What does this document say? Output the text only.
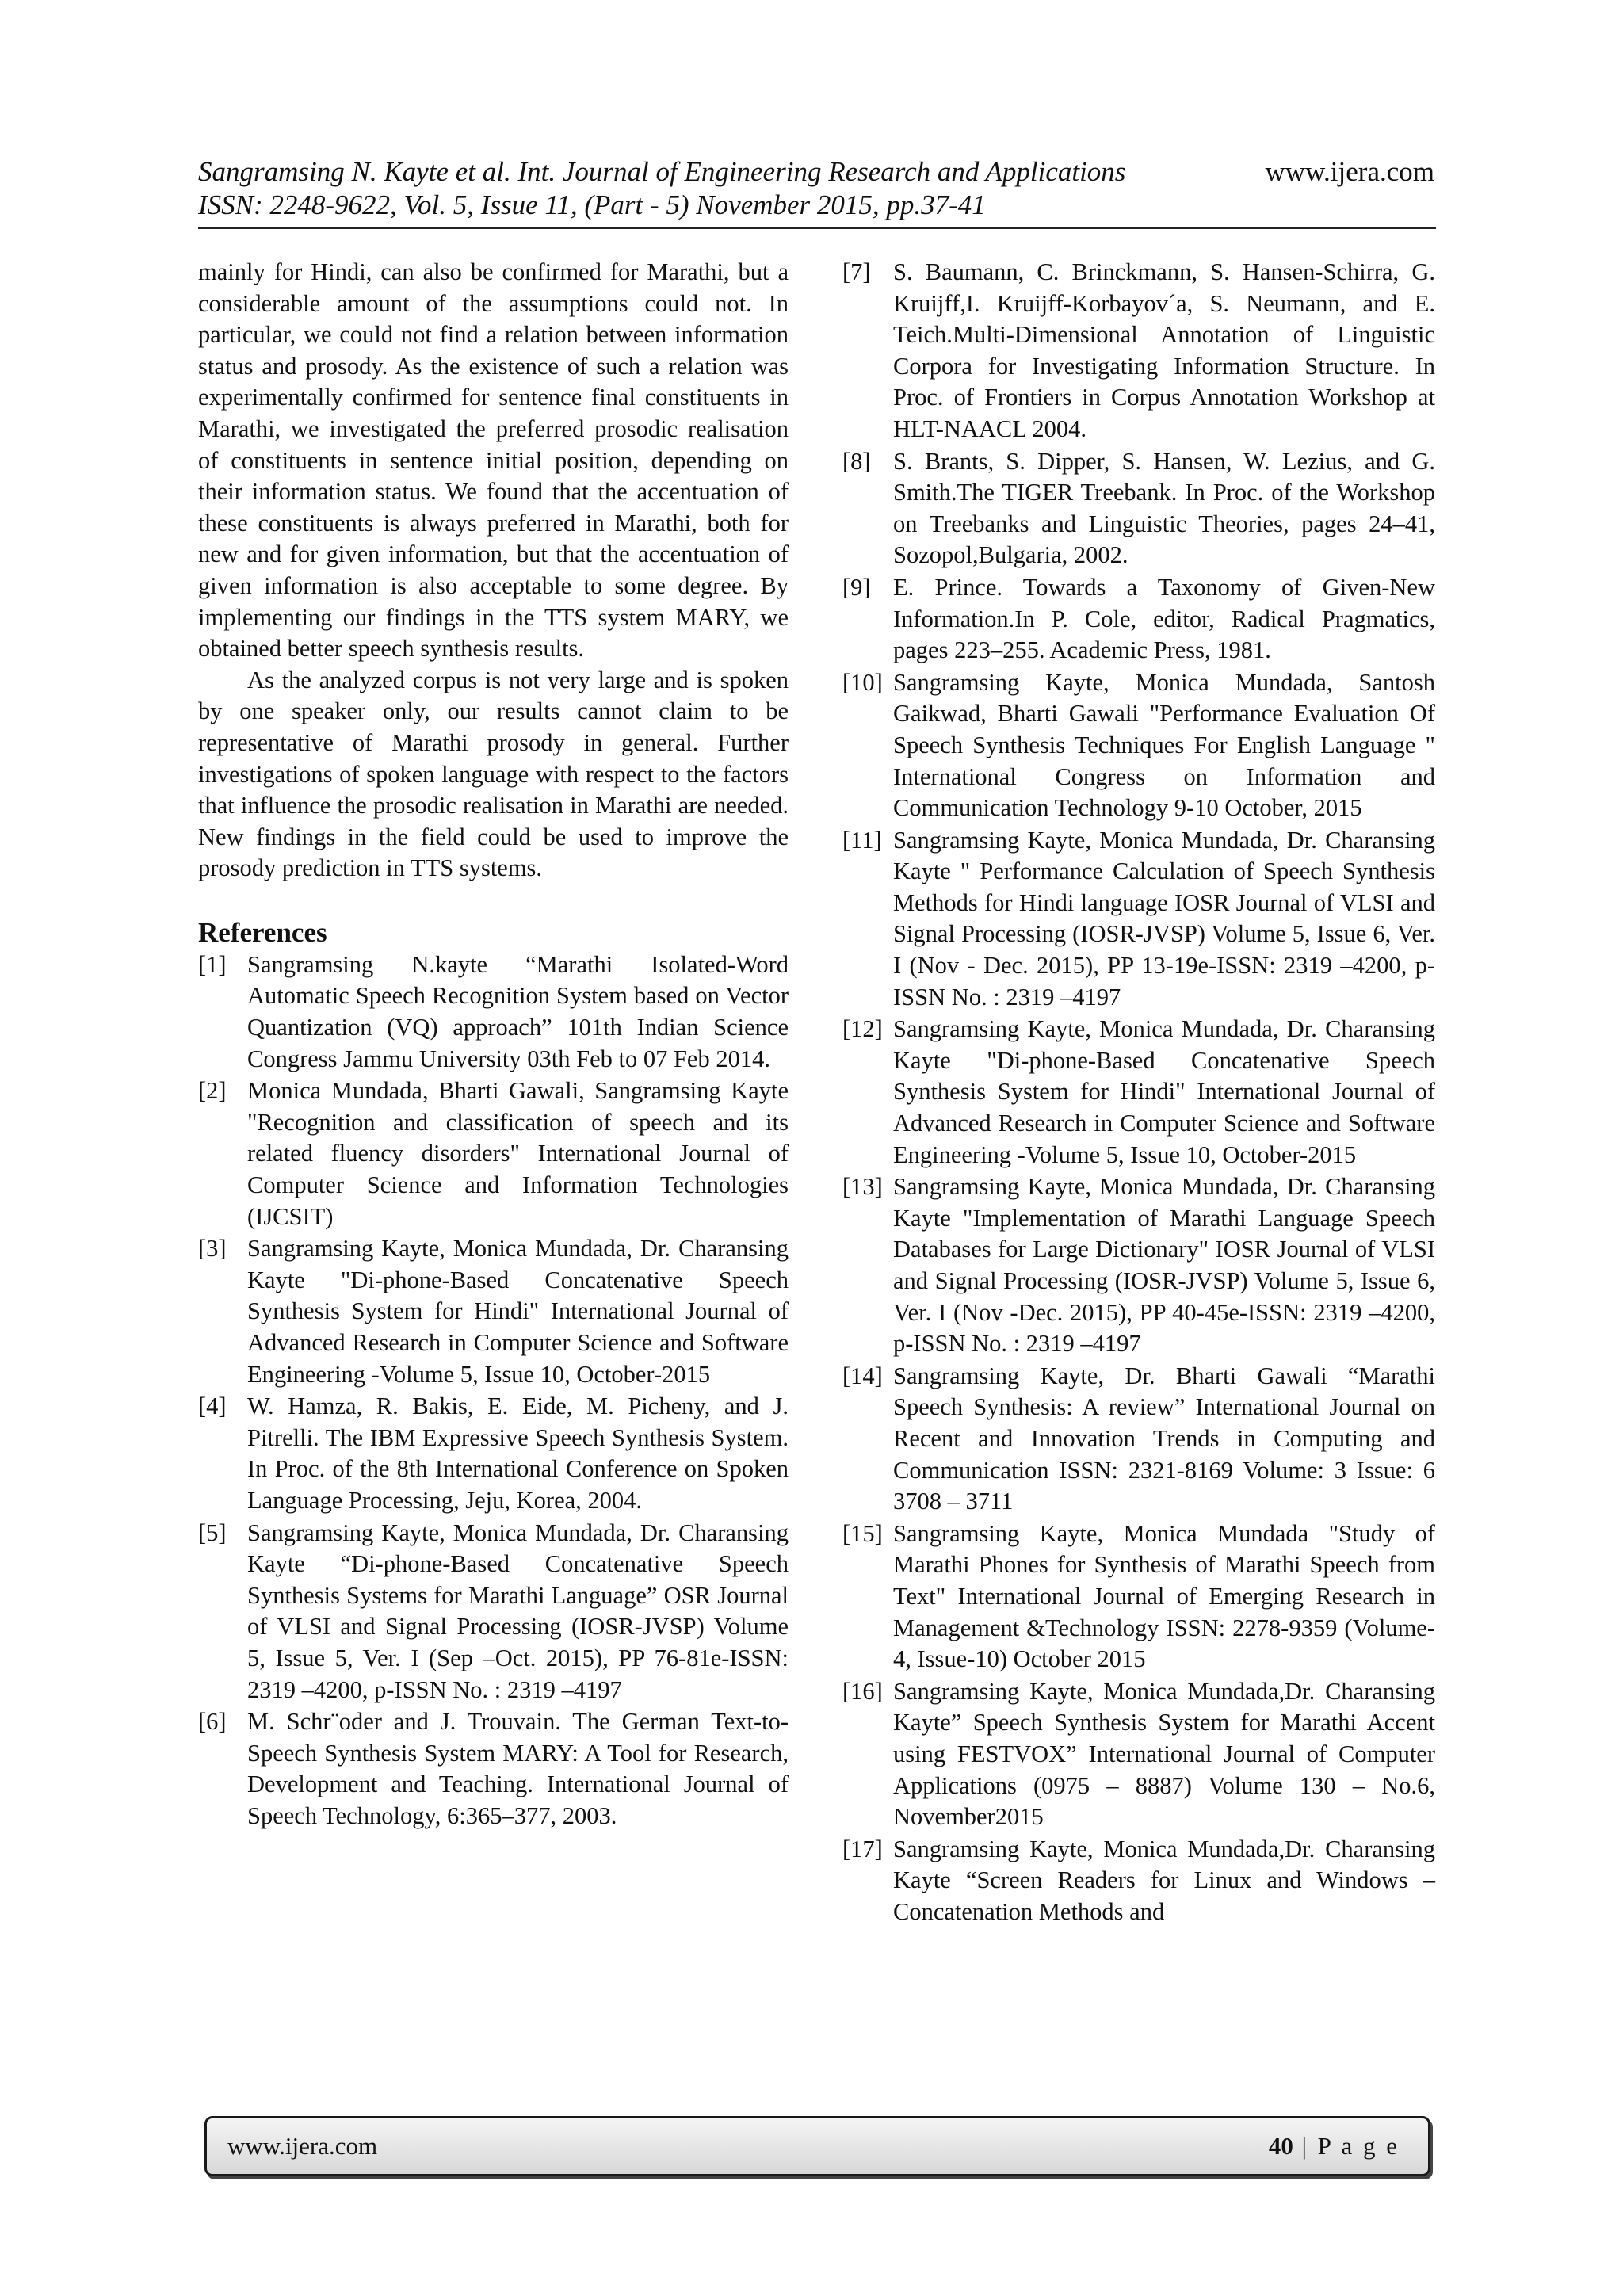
Sangramsing N. Kayte et al. Int. Journal of Engineering Research and Applications	www.ijera.com
ISSN: 2248-9622, Vol. 5, Issue 11, (Part - 5) November 2015, pp.37-41

mainly for Hindi, can also be confirmed for Marathi, but a considerable amount of the assumptions could not. In particular, we could not find a relation between information status and prosody. As the existence of such a relation was experimentally confirmed for sentence final constituents in Marathi, we investigated the preferred prosodic realisation of constituents in sentence initial position, depending on their information status. We found that the accentuation of these constituents is always preferred in Marathi, both for new and for given information, but that the accentuation of given information is also acceptable to some degree. By implementing our findings in the TTS system MARY, we obtained better speech synthesis results.

As the analyzed corpus is not very large and is spoken by one speaker only, our results cannot claim to be representative of Marathi prosody in general. Further investigations of spoken language with respect to the factors that influence the prosodic realisation in Marathi are needed. New findings in the field could be used to improve the prosody prediction in TTS systems.

References
[1] Sangramsing N.kayte “Marathi Isolated-Word Automatic Speech Recognition System based on Vector Quantization (VQ) approach” 101th Indian Science Congress Jammu University 03th Feb to 07 Feb 2014.
[2] Monica Mundada, Bharti Gawali, Sangramsing Kayte "Recognition and classification of speech and its related fluency disorders" International Journal of Computer Science and Information Technologies (IJCSIT)
[3] Sangramsing Kayte, Monica Mundada, Dr. Charansing Kayte "Di-phone-Based Concatenative Speech Synthesis System for Hindi" International Journal of Advanced Research in Computer Science and Software Engineering -Volume 5, Issue 10, October-2015
[4] W. Hamza, R. Bakis, E. Eide, M. Picheny, and J. Pitrelli. The IBM Expressive Speech Synthesis System. In Proc. of the 8th International Conference on Spoken Language Processing, Jeju, Korea, 2004.
[5] Sangramsing Kayte, Monica Mundada, Dr. Charansing Kayte “Di-phone-Based Concatenative Speech Synthesis Systems for Marathi Language” OSR Journal of VLSI and Signal Processing (IOSR-JVSP) Volume 5, Issue 5, Ver. I (Sep –Oct. 2015), PP 76-81e-ISSN: 2319 –4200, p-ISSN No. : 2319 –4197
[6] M. Schr¨oder and J. Trouvain. The German Text-to-Speech Synthesis System MARY: A Tool for Research, Development and Teaching. International Journal of Speech Technology, 6:365–377, 2003.
[7] S. Baumann, C. Brinckmann, S. Hansen-Schirra, G. Kruijff,I. Kruijff-Korbayov´a, S. Neumann, and E. Teich.Multi-Dimensional Annotation of Linguistic Corpora for Investigating Information Structure. In Proc. of Frontiers in Corpus Annotation Workshop at HLT-NAACL 2004.
[8] S. Brants, S. Dipper, S. Hansen, W. Lezius, and G. Smith.The TIGER Treebank. In Proc. of the Workshop on Treebanks and Linguistic Theories, pages 24–41, Sozopol,Bulgaria, 2002.
[9] E. Prince. Towards a Taxonomy of Given-New Information.In P. Cole, editor, Radical Pragmatics, pages 223–255. Academic Press, 1981.
[10] Sangramsing Kayte, Monica Mundada, Santosh Gaikwad, Bharti Gawali "Performance Evaluation Of Speech Synthesis Techniques For English Language " International Congress on Information and Communication Technology 9-10 October, 2015
[11] Sangramsing Kayte, Monica Mundada, Dr. Charansing Kayte " Performance Calculation of Speech Synthesis Methods for Hindi language IOSR Journal of VLSI and Signal Processing (IOSR-JVSP) Volume 5, Issue 6, Ver. I (Nov - Dec. 2015), PP 13-19e-ISSN: 2319 –4200, p-ISSN No. : 2319 –4197
[12] Sangramsing Kayte, Monica Mundada, Dr. Charansing Kayte "Di-phone-Based Concatenative Speech Synthesis System for Hindi" International Journal of Advanced Research in Computer Science and Software Engineering -Volume 5, Issue 10, October-2015
[13] Sangramsing Kayte, Monica Mundada, Dr. Charansing Kayte "Implementation of Marathi Language Speech Databases for Large Dictionary" IOSR Journal of VLSI and Signal Processing (IOSR-JVSP) Volume 5, Issue 6, Ver. I (Nov -Dec. 2015), PP 40-45e-ISSN: 2319 –4200, p-ISSN No. : 2319 –4197
[14] Sangramsing Kayte, Dr. Bharti Gawali “Marathi Speech Synthesis: A review” International Journal on Recent and Innovation Trends in Computing and Communication ISSN: 2321-8169 Volume: 3 Issue: 6 3708 – 3711
[15] Sangramsing Kayte, Monica Mundada "Study of Marathi Phones for Synthesis of Marathi Speech from Text" International Journal of Emerging Research in Management &Technology ISSN: 2278-9359 (Volume-4, Issue-10) October 2015
[16] Sangramsing Kayte, Monica Mundada,Dr. Charansing Kayte” Speech Synthesis System for Marathi Accent using FESTVOX” International Journal of Computer Applications (0975 – 8887) Volume 130 – No.6, November2015
[17] Sangramsing Kayte, Monica Mundada,Dr. Charansing Kayte “Screen Readers for Linux and Windows – Concatenation Methods and
www.ijera.com	40 | P a g e
